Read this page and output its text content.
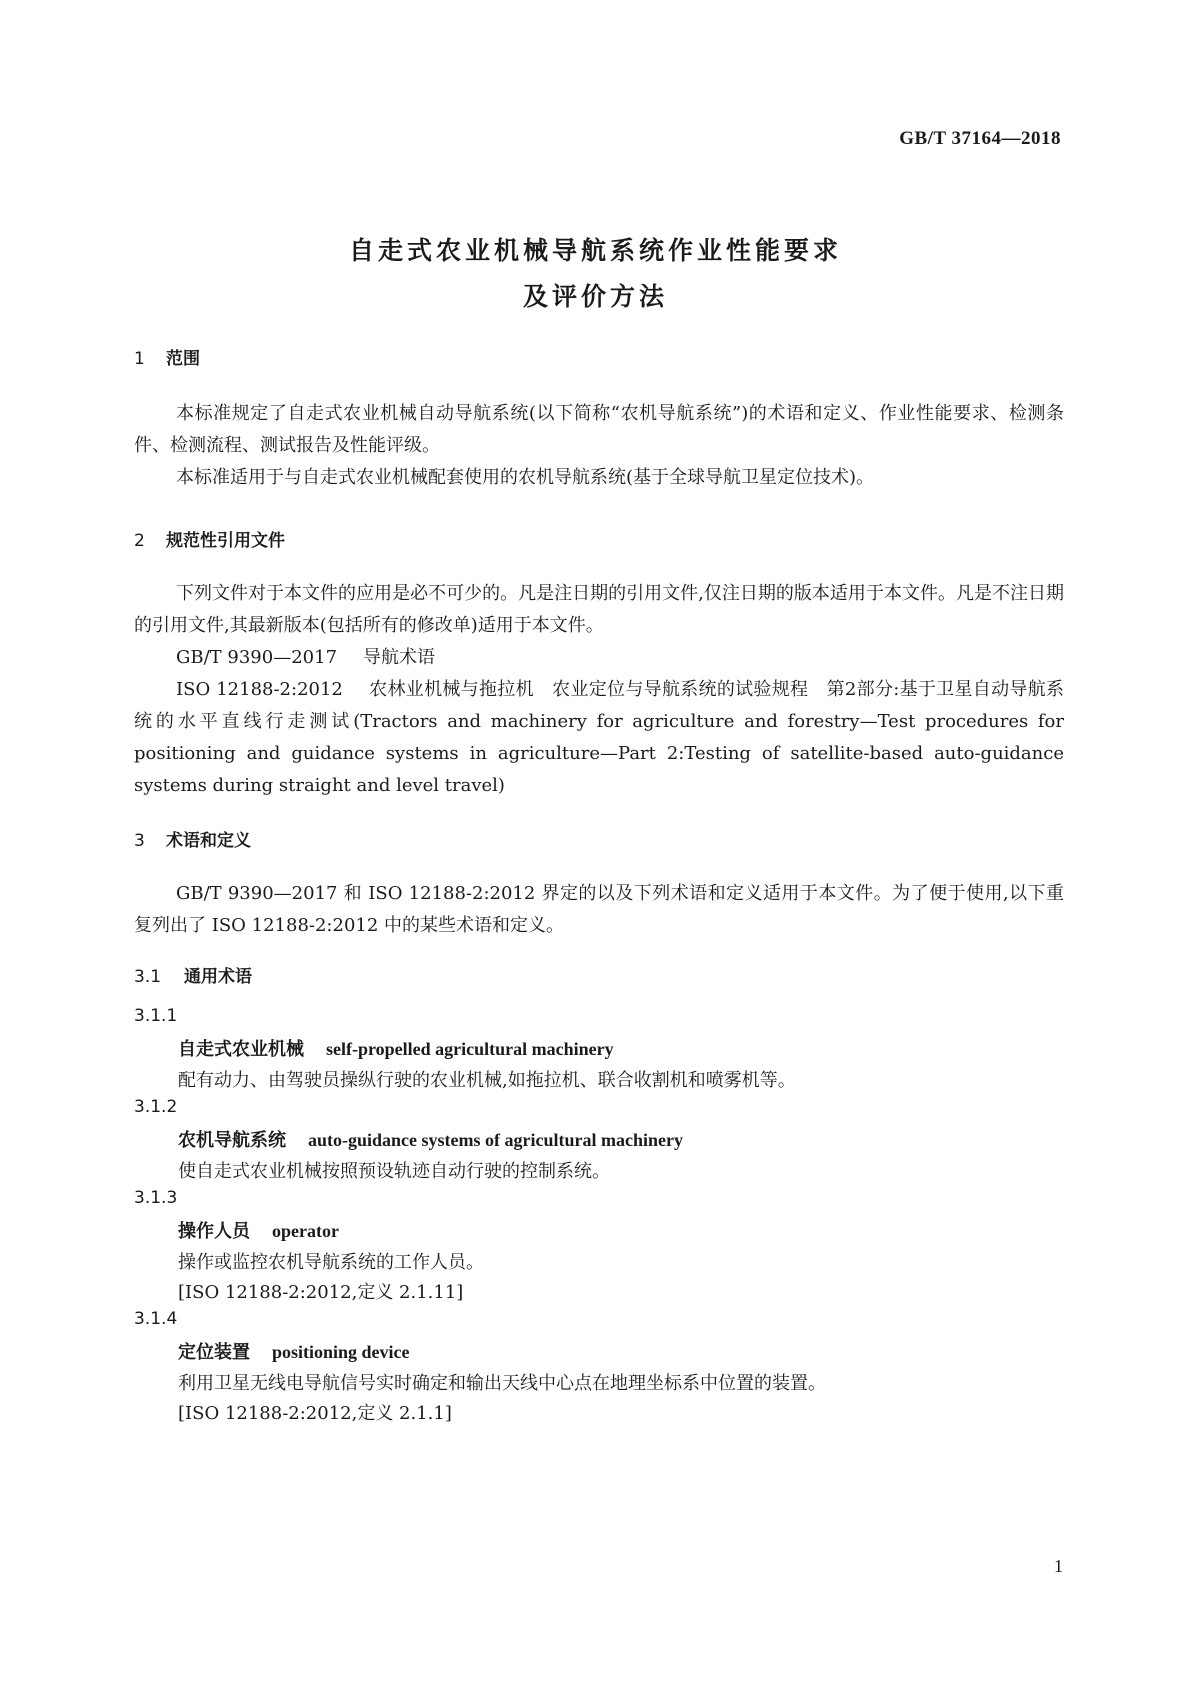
GB/T 37164—2018

自走式农业机械导航系统作业性能要求
及评价方法

1 范围

本标准规定了自走式农业机械自动导航系统(以下简称“农机导航系统”)的术语和定义、作业性能要求、检测条件、检测流程、测试报告及性能评级。

本标准适用于与自走式农业机械配套使用的农机导航系统(基于全球导航卫星定位技术)。

2 规范性引用文件

下列文件对于本文件的应用是必不可少的。凡是注日期的引用文件,仅注日期的版本适用于本文件。凡是不注日期的引用文件,其最新版本(包括所有的修改单)适用于本文件。

GB/T 9390—2017 导航术语

ISO 12188-2:2012 农林业机械与拖拉机　农业定位与导航系统的试验规程　第2部分:基于卫星自动导航系统的水平直线行走测试(Tractors and machinery for agriculture and forestry—Test procedures for positioning and guidance systems in agriculture—Part 2:Testing of satellite-based auto-guidance systems during straight and level travel)

3 术语和定义

GB/T 9390—2017 和 ISO 12188-2:2012 界定的以及下列术语和定义适用于本文件。为了便于使用,以下重复列出了 ISO 12188-2:2012 中的某些术语和定义。

3.1 通用术语

3.1.1

自走式农业机械 self-propelled agricultural machinery

配有动力、由驾驶员操纵行驶的农业机械,如拖拉机、联合收割机和喷雾机等。

3.1.2

农机导航系统 auto-guidance systems of agricultural machinery

使自走式农业机械按照预设轨迹自动行驶的控制系统。

3.1.3

操作人员 operator

操作或监控农机导航系统的工作人员。

[ISO 12188-2:2012,定义 2.1.11]

3.1.4

定位装置 positioning device

利用卫星无线电导航信号实时确定和输出天线中心点在地理坐标系中位置的装置。

[ISO 12188-2:2012,定义 2.1.1]

1
